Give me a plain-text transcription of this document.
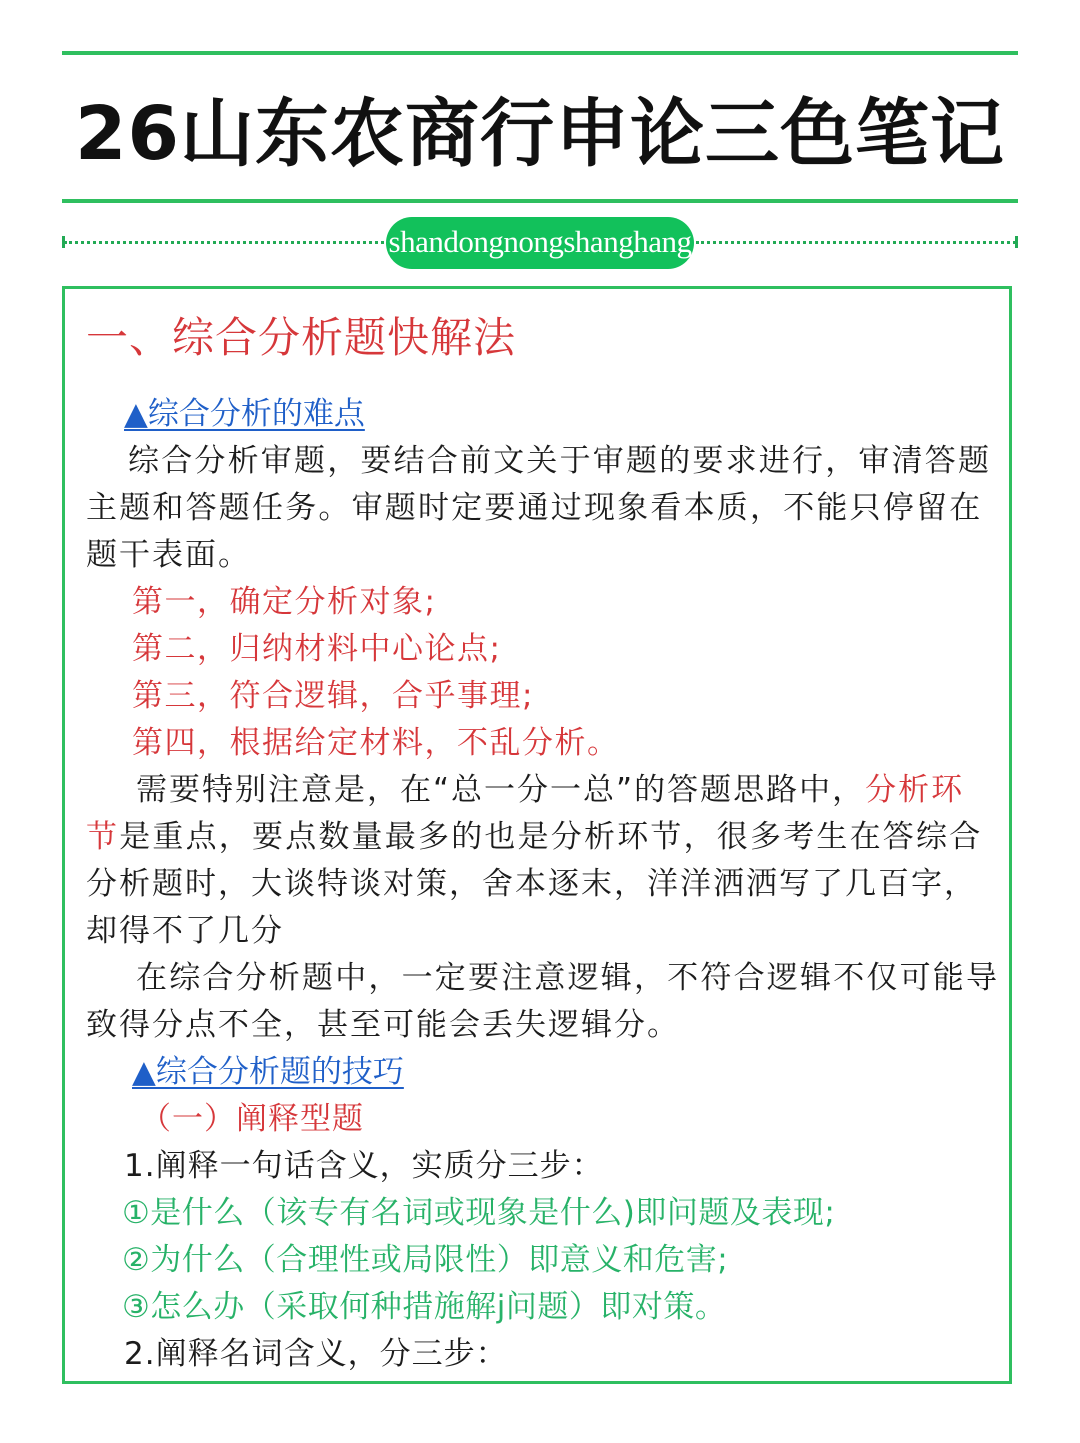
26山东农商行申论三色笔记
shandongnongshanghang
一、综合分析题快解法
▲综合分析的难点
综合分析审题，要结合前文关于审题的要求进行，审清答题
主题和答题任务。审题时定要通过现象看本质，不能只停留在
题干表面。
第一，确定分析对象;
第二，归纳材料中心论点;
第三，符合逻辑，合乎事理;
第四，根据给定材料，不乱分析。
需要特别注意是，在“总一分一总”的答题思路中，分析环
节是重点，要点数量最多的也是分析环节，很多考生在答综合
分析题时，大谈特谈对策，舍本逐末，洋洋洒洒写了几百字，
却得不了几分
在综合分析题中，一定要注意逻辑，不符合逻辑不仅可能导
致得分点不全，甚至可能会丢失逻辑分。
▲综合分析题的技巧
（一）阐释型题
1.阐释一句话含义，实质分三步：
①是什么（该专有名词或现象是什么)即问题及表现;
②为什么（合理性或局限性）即意义和危害;
③怎么办（采取何种措施解j问题）即对策。
2.阐释名词含义，分三步：
